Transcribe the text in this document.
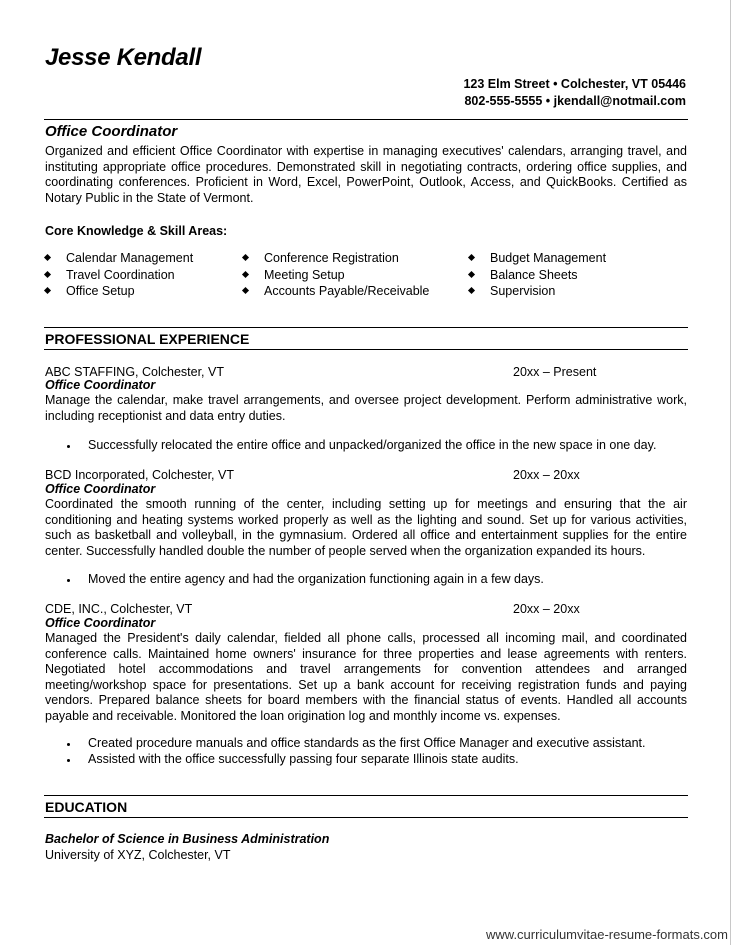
Jesse Kendall
123 Elm Street • Colchester, VT 05446
802-555-5555 • jkendall@notmail.com
Office Coordinator

Organized and efficient Office Coordinator with expertise in managing executives' calendars, arranging travel, and instituting appropriate office procedures. Demonstrated skill in negotiating contracts, ordering office supplies, and coordinating conferences. Proficient in Word, Excel, PowerPoint, Outlook, Access, and QuickBooks. Certified as Notary Public in the State of Vermont.

Core Knowledge & Skill Areas:
Calendar Management
Travel Coordination
Office Setup
Conference Registration
Meeting Setup
Accounts Payable/Receivable
Budget Management
Balance Sheets
Supervision
PROFESSIONAL EXPERIENCE
ABC STAFFING, Colchester, VT	20xx – Present
Office Coordinator

Manage the calendar, make travel arrangements, and oversee project development. Perform administrative work, including receptionist and data entry duties.

Successfully relocated the entire office and unpacked/organized the office in the new space in one day.
BCD Incorporated, Colchester, VT	20xx – 20xx
Office Coordinator

Coordinated the smooth running of the center, including setting up for meetings and ensuring that the air conditioning and heating systems worked properly as well as the lighting and sound. Set up for various activities, such as basketball and volleyball, in the gymnasium. Ordered all office and entertainment supplies for the entire center. Successfully handled double the number of people served when the organization expanded its hours.

Moved the entire agency and had the organization functioning again in a few days.
CDE, INC., Colchester, VT	20xx – 20xx
Office Coordinator

Managed the President's daily calendar, fielded all phone calls, processed all incoming mail, and coordinated conference calls. Maintained home owners' insurance for three properties and lease agreements with renters. Negotiated hotel accommodations and travel arrangements for convention attendees and arranged meeting/workshop space for presentations. Set up a bank account for receiving registration funds and paying vendors. Prepared balance sheets for board members with the financial status of events. Handled all accounts payable and receivable. Monitored the loan origination log and monthly income vs. expenses.

Created procedure manuals and office standards as the first Office Manager and executive assistant.
Assisted with the office successfully passing four separate Illinois state audits.
EDUCATION
Bachelor of Science in Business Administration
University of XYZ, Colchester, VT
www.curriculumvitae-resume-formats.com
